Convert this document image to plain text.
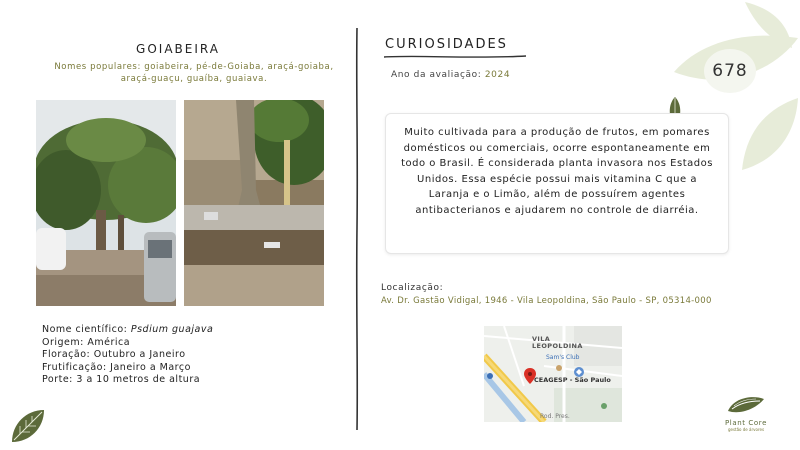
678
GOIABEIRA
Nomes populares: goiabeira, pé-de-Goiaba, araçá-goiaba, araçá-guaçu, guaíba, guaiava.
Nome científico: Psdium guajava
Origem: América
Floração: Outubro a Janeiro
Frutificação: Janeiro a Março
Porte: 3 a 10 metros de altura
CURIOSIDADES
Ano da avaliação: 2024
Muito cultivada para a produção de frutos, em pomares domésticos ou comerciais, ocorre espontaneamente em todo o Brasil. É considerada planta invasora nos Estados Unidos. Essa espécie possui mais vitamina C que a Laranja e o Limão, além de possuírem agentes antibacterianos e ajudarem no controle de diarréia.
Localização:
Av. Dr. Gastão Vidigal, 1946 - Vila Leopoldina, São Paulo - SP, 05314-000
VILA
LEOPOLDINA
Sam's Club
CEAGESP - São Paulo
Rod. Pres.
Plant Core
gestão de árvores
